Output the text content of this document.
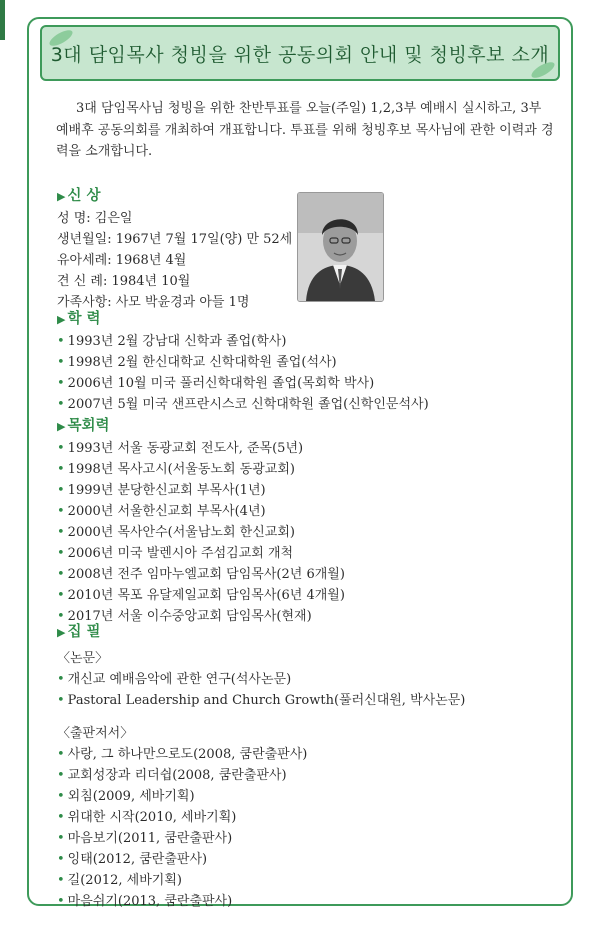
3대 담임목사 청빙을 위한 공동의회 안내 및 청빙후보 소개
3대 담임목사님 청빙을 위한 찬반투표를 오늘(주일) 1,2,3부 예배시 실시하고, 3부 예배후 공동의회를 개최하여 개표합니다. 투표를 위해 청빙후보 목사님에 관한 이력과 경력을 소개합니다.
▶ 신 상
성 명: 김은일
생년월일: 1967년 7월 17일(양) 만 52세
유아세례: 1968년 4월
견 신 례: 1984년 10월
가족사항: 사모 박윤경과 아들 1명
▶ 학 력
• 1993년 2월 강남대 신학과 졸업(학사)
• 1998년 2월 한신대학교 신학대학원 졸업(석사)
• 2006년 10월 미국 풀러신학대학원 졸업(목회학 박사)
• 2007년 5월 미국 샌프란시스코 신학대학원 졸업(신학인문석사)
▶ 목회력
• 1993년 서울 동광교회 전도사, 준목(5년)
• 1998년 목사고시(서울동노회 동광교회)
• 1999년 분당한신교회 부목사(1년)
• 2000년 서울한신교회 부목사(4년)
• 2000년 목사안수(서울남노회 한신교회)
• 2006년 미국 발렌시아 주섬김교회 개척
• 2008년 전주 임마누엘교회 담임목사(2년 6개월)
• 2010년 목포 유달제일교회 담임목사(6년 4개월)
• 2017년 서울 이수중앙교회 담임목사(현재)
▶ 집 필
〈논문〉
• 개신교 예배음악에 관한 연구(석사논문)
• Pastoral Leadership and Church Growth(풀러신대원, 박사논문)
〈출판저서〉
• 사랑, 그 하나만으로도(2008, 쿰란출판사)
• 교회성장과 리더쉽(2008, 쿰란출판사)
• 외침(2009, 세바기획)
• 위대한 시작(2010, 세바기획)
• 마음보기(2011, 쿰란출판사)
• 잉태(2012, 쿰란출판사)
• 길(2012, 세바기획)
• 마음쉬기(2013, 쿰란출판사)
